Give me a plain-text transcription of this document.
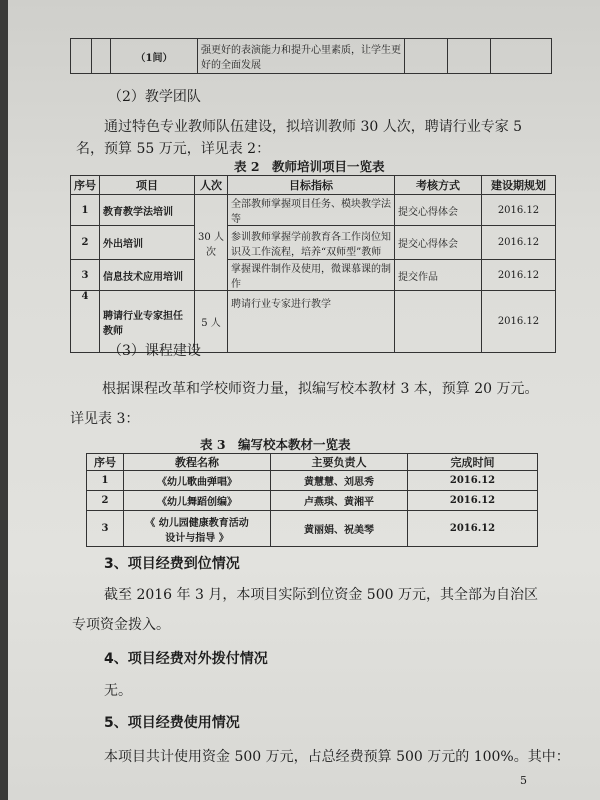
		（1间）	强更好的表演能力和提升心里素质，让学生更好的全面发展			
（2）教学团队
通过特色专业教师队伍建设，拟培训教师 30 人次，聘请行业专家 5
名，预算 55 万元，详见表 2：
表 2　教师培训项目一览表
序号	项目	人次	目标指标	考核方式	建设期规划
1	教育教学法培训	30 人次	全部教师掌握项目任务、模块教学法等	提交心得体会	2016.12
2	外出培训		参训教师掌握学前教育各工作岗位知识及工作流程，培养“双师型”教师	提交心得体会	2016.12
3	信息技术应用培训		掌握课件制作及使用，微课慕课的制作	提交作品	2016.12
4	聘请行业专家担任教师	5 人	聘请行业专家进行教学		2016.12
（3）课程建设
根据课程改革和学校师资力量，拟编写校本教材 3 本，预算 20 万元。
详见表 3：
表 3　编写校本教材一览表
序号	教程名称	主要负责人	完成时间
1	《幼儿歌曲弹唱》	黄慧慧、刘思秀	2016.12
2	《幼儿舞蹈创编》	卢燕琪、黄湘平	2016.12
3	《 幼儿园健康教育活动
设计与指导 》	黄丽娟、祝美琴	2016.12
3、项目经费到位情况
截至 2016 年 3 月，本项目实际到位资金 500 万元，其全部为自治区
专项资金拨入。
4、项目经费对外拨付情况
无。
5、项目经费使用情况
本项目共计使用资金 500 万元，占总经费预算 500 万元的 100%。其中：
5
